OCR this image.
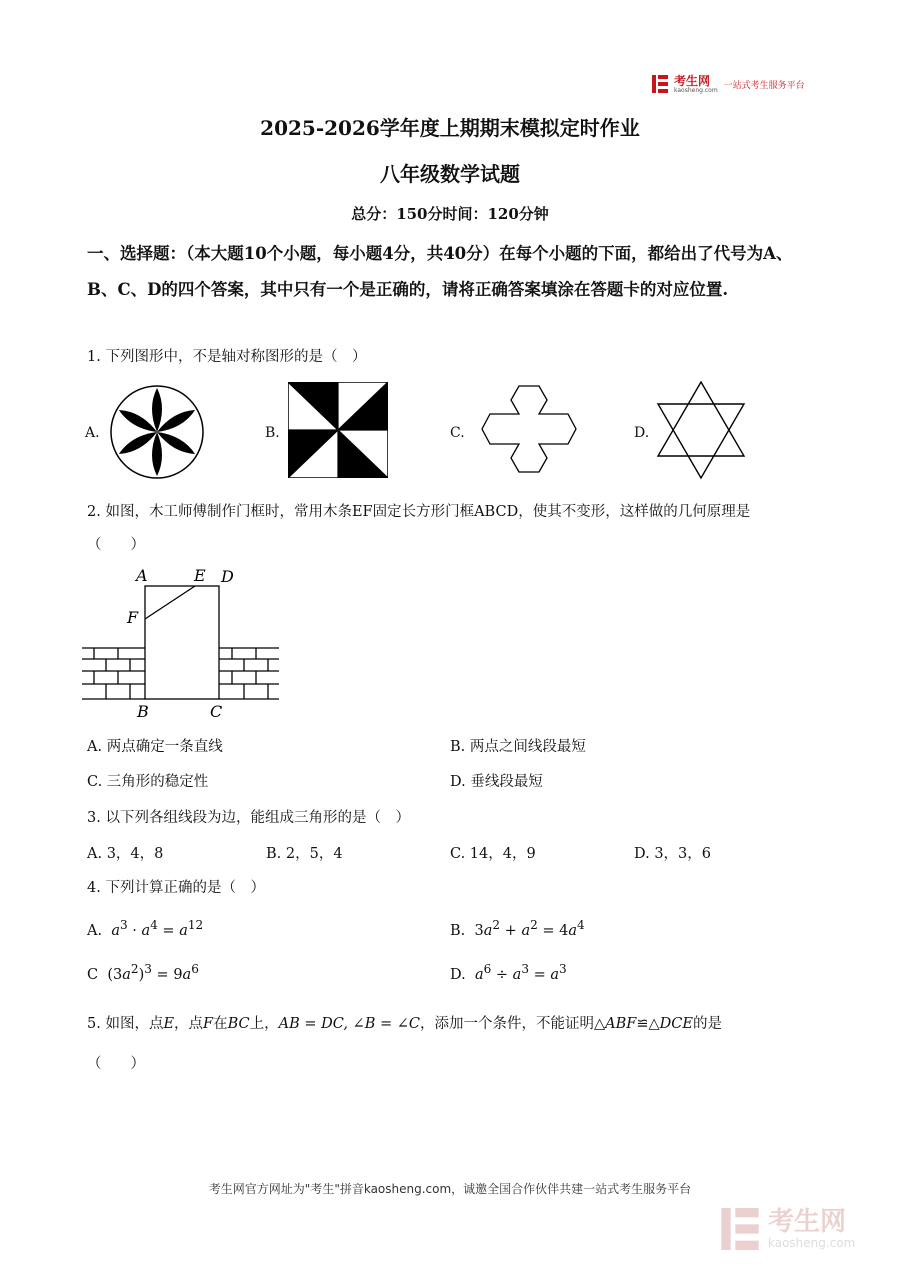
考生网
kaosheng.com 一站式考生服务平台
2025-2026学年度上期期末模拟定时作业
八年级数学试题
总分：150分时间：120分钟
一、选择题：（本大题10个小题，每小题4分，共40分）在每个小题的下面，都给出了代号为A、B、C、D的四个答案，其中只有一个是正确的，请将正确答案填涂在答题卡的对应位置.
1. 下列图形中，不是轴对称图形的是（　）
A.	B.	C.	D.
2. 如图，木工师傅制作门框时，常用木条EF固定长方形门框ABCD，使其不变形，这样做的几何原理是
（　　）
A	E D
F
B	C
A. 两点确定一条直线	B. 两点之间线段最短
C. 三角形的稳定性	D. 垂线段最短
3. 以下列各组线段为边，能组成三角形的是（　）
A. 3，4，8	B. 2，5，4	C. 14，4，9	D. 3，3，6
4. 下列计算正确的是（　）
A. $a^3 \cdot a^4 = a^{12}$	B. $3a^2 + a^2 = 4a^4$
C  $(3a^2)^3 = 9a^6$	D. $a^6 \div a^3 = a^3$
5. 如图，点E，点F在BC上，AB = DC, ∠B = ∠C，添加一个条件，不能证明△ABF≌△DCE的是
（　　）
考生网官方网址为"考生"拼音kaosheng.com，诚邀全国合作伙伴共建一站式考生服务平台
考生网
kaosheng.com
